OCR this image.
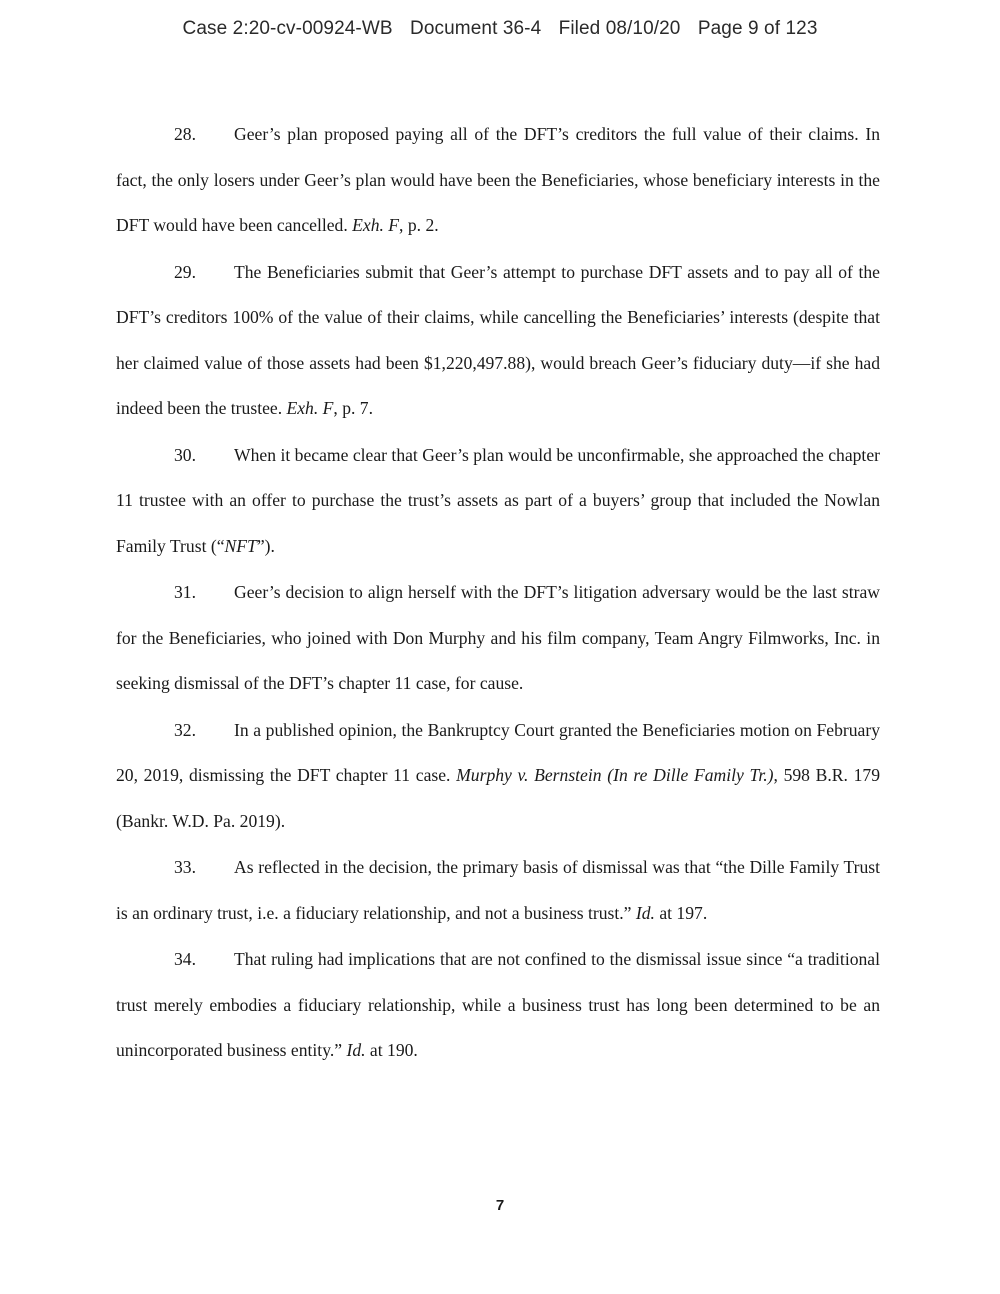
Case 2:20-cv-00924-WB Document 36-4 Filed 08/10/20 Page 9 of 123

28. Geer’s plan proposed paying all of the DFT’s creditors the full value of their claims. In fact, the only losers under Geer’s plan would have been the Beneficiaries, whose beneficiary interests in the DFT would have been cancelled. Exh. F, p. 2.

29. The Beneficiaries submit that Geer’s attempt to purchase DFT assets and to pay all of the DFT’s creditors 100% of the value of their claims, while cancelling the Beneficiaries’ interests (despite that her claimed value of those assets had been $1,220,497.88), would breach Geer’s fiduciary duty—if she had indeed been the trustee. Exh. F, p. 7.

30. When it became clear that Geer’s plan would be unconfirmable, she approached the chapter 11 trustee with an offer to purchase the trust’s assets as part of a buyers’ group that included the Nowlan Family Trust (“NFT”).

31. Geer’s decision to align herself with the DFT’s litigation adversary would be the last straw for the Beneficiaries, who joined with Don Murphy and his film company, Team Angry Filmworks, Inc. in seeking dismissal of the DFT’s chapter 11 case, for cause.

32. In a published opinion, the Bankruptcy Court granted the Beneficiaries motion on February 20, 2019, dismissing the DFT chapter 11 case. Murphy v. Bernstein (In re Dille Family Tr.), 598 B.R. 179 (Bankr. W.D. Pa. 2019).

33. As reflected in the decision, the primary basis of dismissal was that “the Dille Family Trust is an ordinary trust, i.e. a fiduciary relationship, and not a business trust.” Id. at 197.

34. That ruling had implications that are not confined to the dismissal issue since “a traditional trust merely embodies a fiduciary relationship, while a business trust has long been determined to be an unincorporated business entity.” Id. at 190.

7
